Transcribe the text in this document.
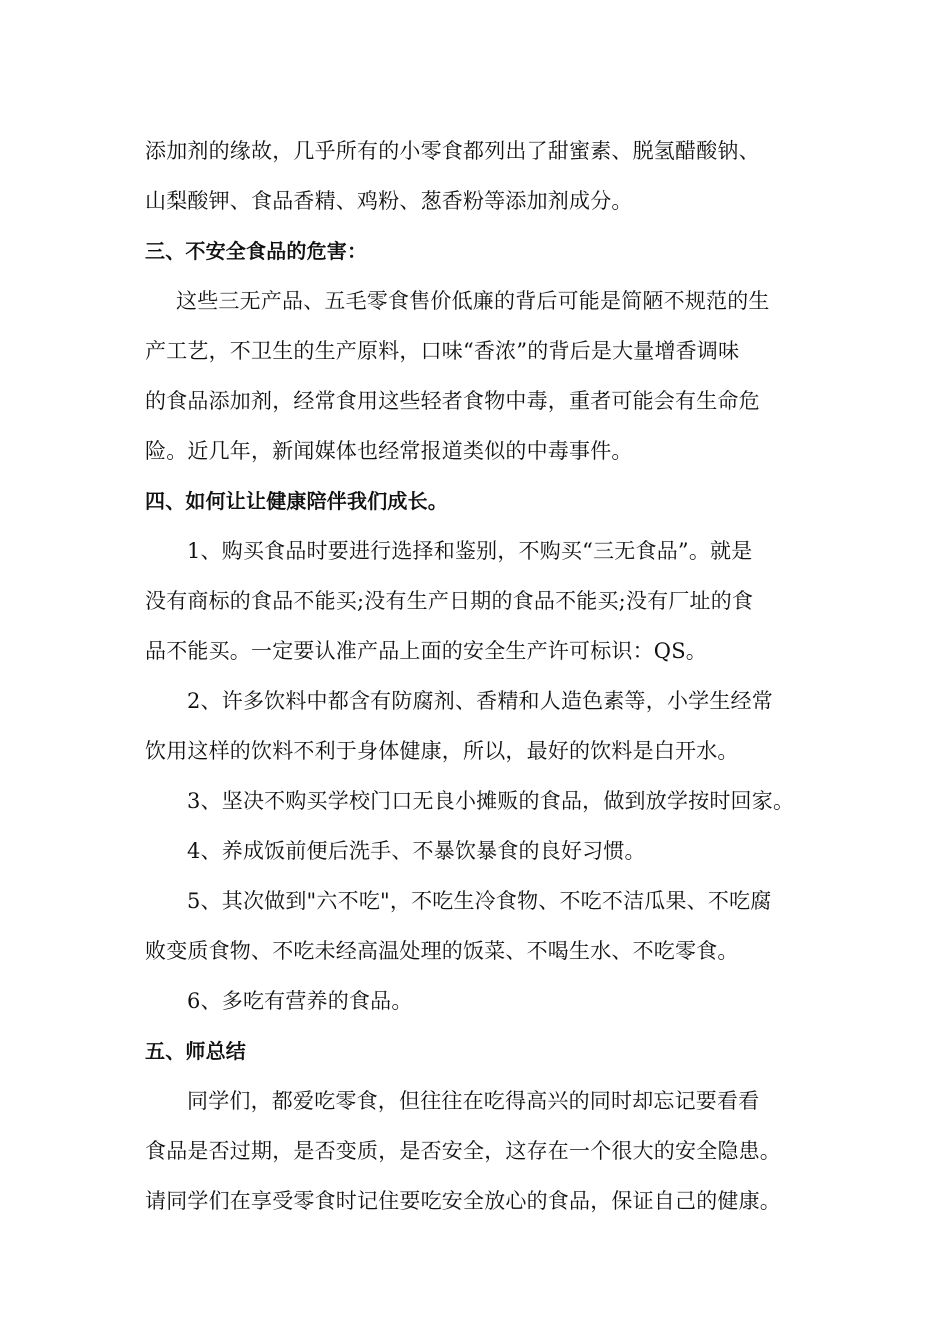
添加剂的缘故，几乎所有的小零食都列出了甜蜜素、脱氢醋酸钠、
山梨酸钾、食品香精、鸡粉、葱香粉等添加剂成分。
三、不安全食品的危害：
这些三无产品、五毛零食售价低廉的背后可能是简陋不规范的生
产工艺，不卫生的生产原料，口味“香浓”的背后是大量增香调味
的食品添加剂，经常食用这些轻者食物中毒，重者可能会有生命危
险。近几年，新闻媒体也经常报道类似的中毒事件。
四、如何让让健康陪伴我们成长。
1、购买食品时要进行选择和鉴别，不购买“三无食品”。就是
没有商标的食品不能买;没有生产日期的食品不能买;没有厂址的食
品不能买。一定要认准产品上面的安全生产许可标识：QS。
2、许多饮料中都含有防腐剂、香精和人造色素等，小学生经常
饮用这样的饮料不利于身体健康，所以，最好的饮料是白开水。
3、坚决不购买学校门口无良小摊贩的食品，做到放学按时回家。
4、养成饭前便后洗手、不暴饮暴食的良好习惯。
5、其次做到"六不吃"，不吃生冷食物、不吃不洁瓜果、不吃腐
败变质食物、不吃未经高温处理的饭菜、不喝生水、不吃零食。
6、多吃有营养的食品。
五、师总结
同学们，都爱吃零食，但往往在吃得高兴的同时却忘记要看看
食品是否过期，是否变质，是否安全，这存在一个很大的安全隐患。
请同学们在享受零食时记住要吃安全放心的食品，保证自己的健康。
